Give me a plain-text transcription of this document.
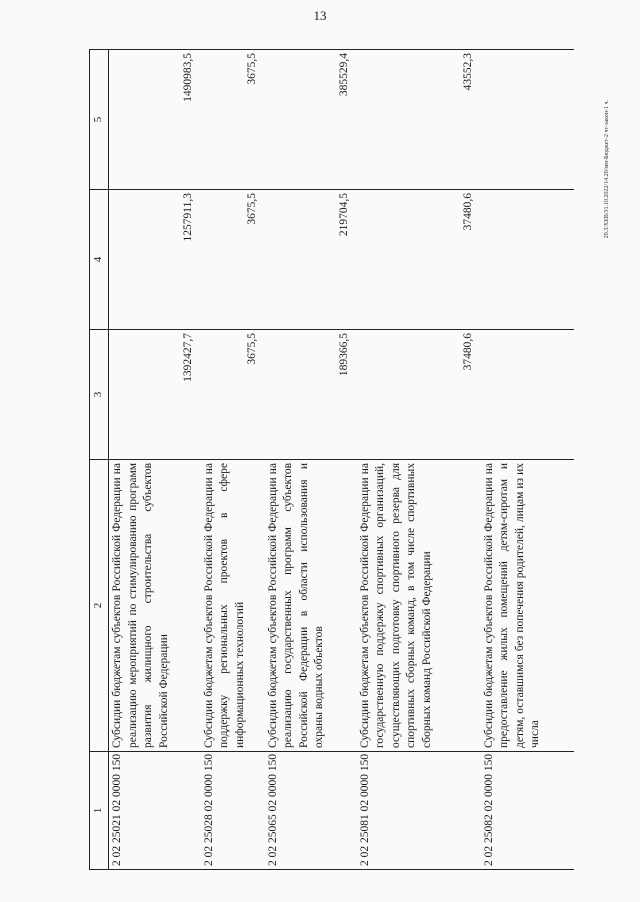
13
20.3/XEB/31.10.2022/14.20/мм-Бюджет-2 чт-закон-1 ч.
1	2	3	4	5
2 02 25021 02 0000 150	Субсидии бюджетам субъектов Российской Федерации на реализацию мероприятий по стимулированию программ развития жилищного строительства субъектов Российской Федерации	1392427,7	1257911,3	1490983,5
2 02 25028 02 0000 150	Субсидии бюджетам субъектов Российской Федерации на поддержку региональных проектов в сфере информационных технологий	3675,5	3675,5	3675,5
2 02 25065 02 0000 150	Субсидии бюджетам субъектов Российской Федерации на реализацию государственных программ субъектов Российской Федерации в области использования и охраны водных объектов	189366,5	219704,5	385529,4
2 02 25081 02 0000 150	Субсидии бюджетам субъектов Российской Федерации на государственную поддержку спортивных организаций, осуществляющих подготовку спортивного резерва для спортивных сборных команд, в том числе спортивных сборных команд Российской Федерации	37480,6	37480,6	43552,3
2 02 25082 02 0000 150	Субсидии бюджетам субъектов Российской Федерации на предоставление жилых помещений детям-сиротам и детям, оставшимся без попечения родителей, лицам из их числа			
